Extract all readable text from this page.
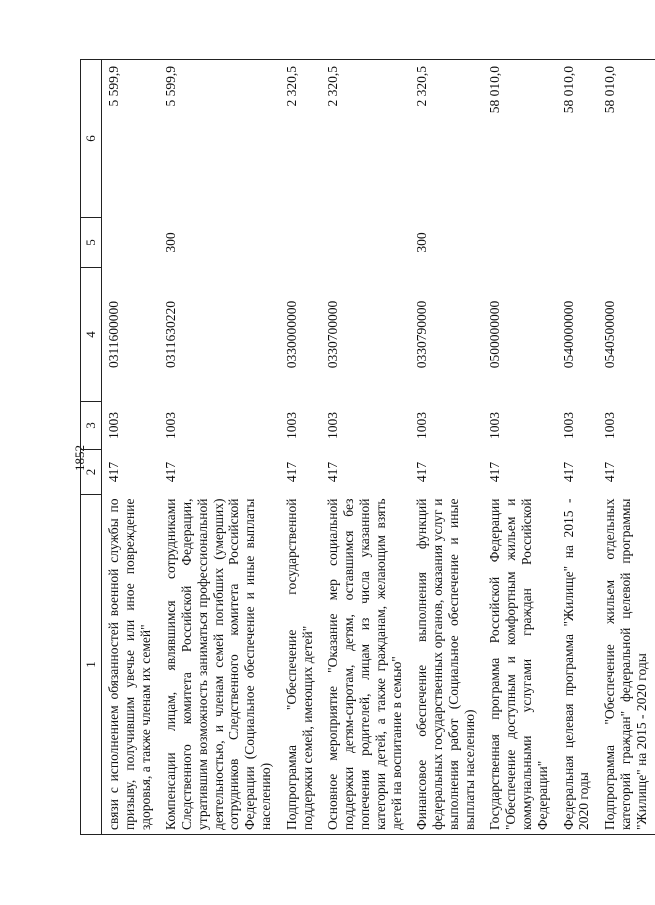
1852
1	2	3	4	5	6
связи с исполнением обязанностей военной службы по призыву, получившим увечье или иное повреждение здоровья, а также членам их семей"	417	1003	0311600000		5 599,9
Компенсации лицам, являвшимся сотрудниками Следственного комитета Российской Федерации, утратившим возможность заниматься профессиональной деятельностью, и членам семей погибших (умерших) сотрудников Следственного комитета Российской Федерации (Социальное обеспечение и иные выплаты населению)	417	1003	0311630220	300	5 599,9
Подпрограмма "Обеспечение государственной поддержки семей, имеющих детей"	417	1003	0330000000		2 320,5
Основное мероприятие "Оказание мер социальной поддержки детям-сиротам, детям, оставшимся без попечения родителей, лицам из числа указанной категории детей, а также гражданам, желающим взять детей на воспитание в семью"	417	1003	0330700000		2 320,5
Финансовое обеспечение выполнения функций федеральных государственных органов, оказания услуг и выполнения работ (Социальное обеспечение и иные выплаты населению)	417	1003	0330790000	300	2 320,5
Государственная программа Российской Федерации "Обеспечение доступным и комфортным жильем и коммунальными услугами граждан Российской Федерации"	417	1003	0500000000		58 010,0
Федеральная целевая программа "Жилище" на 2015 - 2020 годы	417	1003	0540000000		58 010,0
Подпрограмма "Обеспечение жильем отдельных категорий граждан" федеральной целевой программы "Жилище" на 2015 - 2020 годы	417	1003	0540500000		58 010,0
